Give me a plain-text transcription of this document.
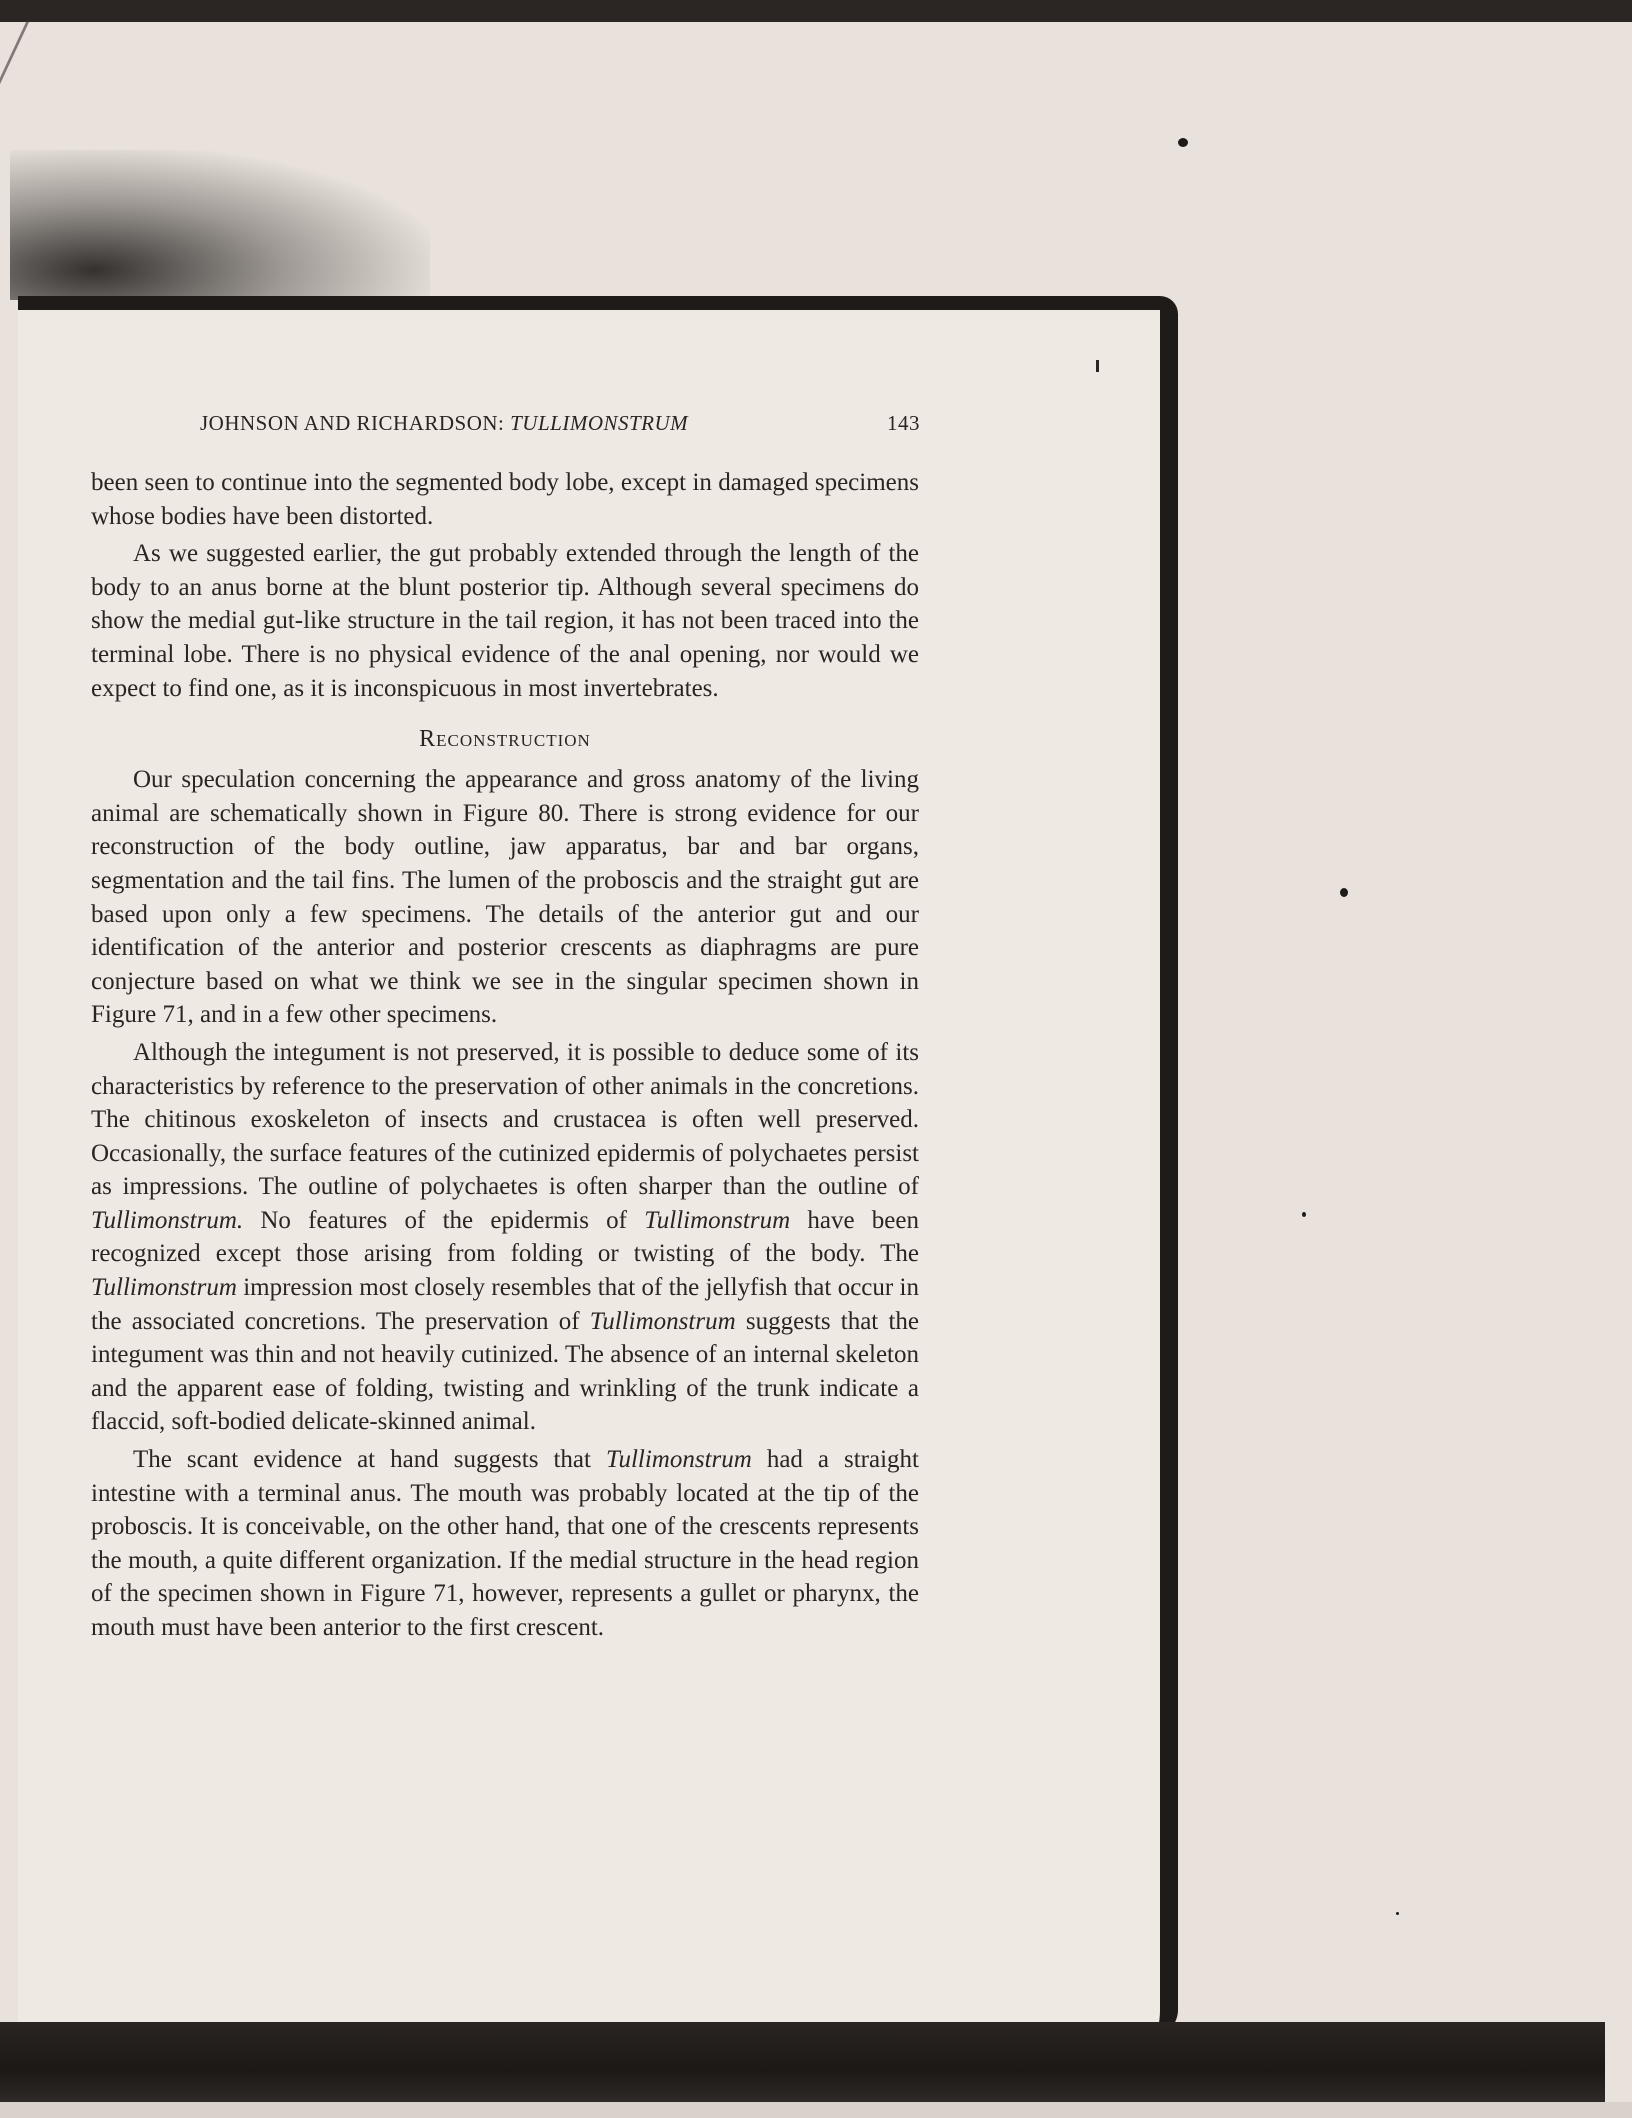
JOHNSON AND RICHARDSON: TULLIMONSTRUM	143

been seen to continue into the segmented body lobe, except in damaged specimens whose bodies have been distorted.

As we suggested earlier, the gut probably extended through the length of the body to an anus borne at the blunt posterior tip. Although several specimens do show the medial gut-like structure in the tail region, it has not been traced into the terminal lobe. There is no physical evidence of the anal opening, nor would we expect to find one, as it is inconspicuous in most invertebrates.

Reconstruction

Our speculation concerning the appearance and gross anatomy of the living animal are schematically shown in Figure 80. There is strong evidence for our reconstruction of the body outline, jaw apparatus, bar and bar organs, segmentation and the tail fins. The lumen of the proboscis and the straight gut are based upon only a few specimens. The details of the anterior gut and our identification of the anterior and posterior crescents as diaphragms are pure conjecture based on what we think we see in the singular specimen shown in Figure 71, and in a few other specimens.

Although the integument is not preserved, it is possible to deduce some of its characteristics by reference to the preservation of other animals in the concretions. The chitinous exoskeleton of insects and crustacea is often well preserved. Occasionally, the surface features of the cutinized epidermis of polychaetes persist as impressions. The outline of polychaetes is often sharper than the outline of Tullimonstrum. No features of the epidermis of Tullimonstrum have been recognized except those arising from folding or twisting of the body. The Tullimonstrum impression most closely resembles that of the jellyfish that occur in the associated concretions. The preservation of Tullimonstrum suggests that the integument was thin and not heavily cutinized. The absence of an internal skeleton and the apparent ease of folding, twisting and wrinkling of the trunk indicate a flaccid, soft-bodied delicate-skinned animal.

The scant evidence at hand suggests that Tullimonstrum had a straight intestine with a terminal anus. The mouth was probably located at the tip of the proboscis. It is conceivable, on the other hand, that one of the crescents represents the mouth, a quite different organization. If the medial structure in the head region of the specimen shown in Figure 71, however, represents a gullet or pharynx, the mouth must have been anterior to the first crescent.
